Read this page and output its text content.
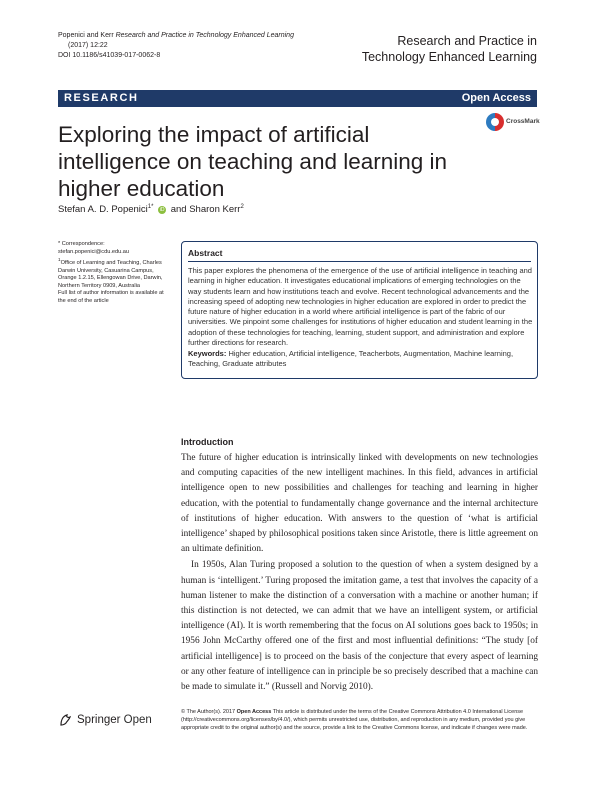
Popenici and Kerr Research and Practice in Technology Enhanced Learning
(2017) 12:22
DOI 10.1186/s41039-017-0062-8
Research and Practice in
Technology Enhanced Learning
RESEARCH	Open Access
Exploring the impact of artificial intelligence on teaching and learning in higher education
CrossMark
Stefan A. D. Popenici$^{1*}$ iD and Sharon Kerr$^2$
* Correspondence:
stefan.popenici@cdu.edu.au
$^1$Office of Learning and Teaching, Charles Darwin University, Casuarina Campus, Orange 1.2.15, Ellengowan Drive, Darwin, Northern Territory 0909, Australia
Full list of author information is available at the end of the article
Abstract
This paper explores the phenomena of the emergence of the use of artificial intelligence in teaching and learning in higher education. It investigates educational implications of emerging technologies on the way students learn and how institutions teach and evolve. Recent technological advancements and the increasing speed of adopting new technologies in higher education are explored in order to predict the future nature of higher education in a world where artificial intelligence is part of the fabric of our universities. We pinpoint some challenges for institutions of higher education and student learning in the adoption of these technologies for teaching, learning, student support, and administration and explore further directions for research.
Keywords: Higher education, Artificial intelligence, Teacherbots, Augmentation, Machine learning, Teaching, Graduate attributes
Introduction

The future of higher education is intrinsically linked with developments on new technologies and computing capacities of the new intelligent machines. In this field, advances in artificial intelligence open to new possibilities and challenges for teaching and learning in higher education, with the potential to fundamentally change governance and the internal architecture of institutions of higher education. With answers to the question of ‘what is artificial intelligence’ shaped by philosophical positions taken since Aristotle, there is little agreement on an ultimate definition.

In 1950s, Alan Turing proposed a solution to the question of when a system designed by a human is ‘intelligent.’ Turing proposed the imitation game, a test that involves the capacity of a human listener to make the distinction of a conversation with a machine or another human; if this distinction is not detected, we can admit that we have an intelligent system, or artificial intelligence (AI). It is worth remembering that the focus on AI solutions goes back to 1950s; in 1956 John McCarthy offered one of the first and most influential definitions: “The study [of artificial intelligence] is to proceed on the basis of the conjecture that every aspect of learning or any other feature of intelligence can in principle be so precisely described that a machine can be made to simulate it.” (Russell and Norvig 2010).

Springer Open
© The Author(s). 2017 Open Access This article is distributed under the terms of the Creative Commons Attribution 4.0 International License (http://creativecommons.org/licenses/by/4.0/), which permits unrestricted use, distribution, and reproduction in any medium, provided you give appropriate credit to the original author(s) and the source, provide a link to the Creative Commons license, and indicate if changes were made.
